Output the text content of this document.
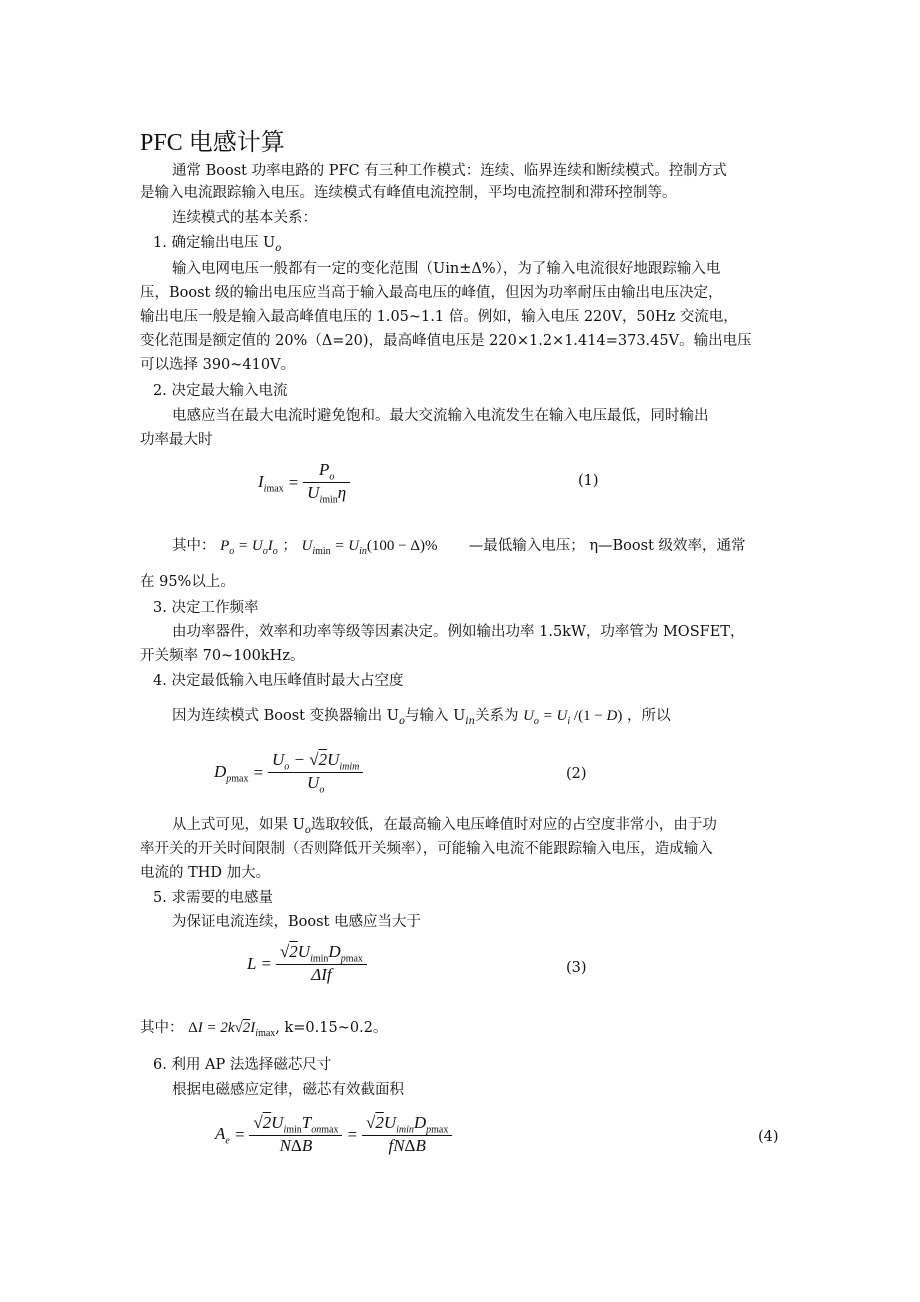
PFC 电感计算
通常 Boost 功率电路的 PFC 有三种工作模式：连续、临界连续和断续模式。控制方式
是输入电流跟踪输入电压。连续模式有峰值电流控制，平均电流控制和滞环控制等。
连续模式的基本关系：
1. 确定输出电压 $U_o$
输入电网电压一般都有一定的变化范围（Uin±Δ%），为了输入电流很好地跟踪输入电
压，Boost 级的输出电压应当高于输入最高电压的峰值，但因为功率耐压由输出电压决定，
输出电压一般是输入最高峰值电压的 1.05~1.1 倍。例如，输入电压 220V，50Hz 交流电，
变化范围是额定值的 20%（Δ=20)，最高峰值电压是 220×1.2×1.414=373.45V。输出电压
可以选择 390~410V。
2. 决定最大输入电流
电感应当在最大电流时避免饱和。最大交流输入电流发生在输入电压最低，同时输出
功率最大时
$I_{imax} = \frac{P_o}{U_{imin}\eta}$	(1)
其中： $P_o = U_oI_o$ ； $U_{imin} = U_{in}(100 - \Delta)\%$ —最低输入电压； η—Boost 级效率，通常
在 95%以上。
3. 决定工作频率
由功率器件，效率和功率等级等因素决定。例如输出功率 1.5kW，功率管为 MOSFET，
开关频率 70~100kHz。
4. 决定最低输入电压峰值时最大占空度
因为连续模式 Boost 变换器输出 $U_o$与输入 $U_{in}$关系为 $U_o = U_i$ /(1 − D) ，所以
$D_{pmax} = \frac{U_o - √2U_{imim}}{U_o}$	(2)
从上式可见，如果 $U_o$选取较低，在最高输入电压峰值时对应的占空度非常小，由于功
率开关的开关时间限制（否则降低开关频率），可能输入电流不能跟踪输入电压，造成输入
电流的 THD 加大。
5. 求需要的电感量
为保证电流连续，Boost 电感应当大于
$L = \frac{√2U_{imin}D_{pmax}}{\text{ΔIf}}$	(3)
其中： $\Delta I = 2k√2I_{imax}$, k=0.15~0.2。
6. 利用 AP 法选择磁芯尺寸
根据电磁感应定律，磁芯有效截面积
$A_e = \frac{√2U_{imin}T_{onmax}}{\text{NΔB}} = \frac{√2U_{imin}D_{pmax}}{\text{fNΔB}}$	(4)
